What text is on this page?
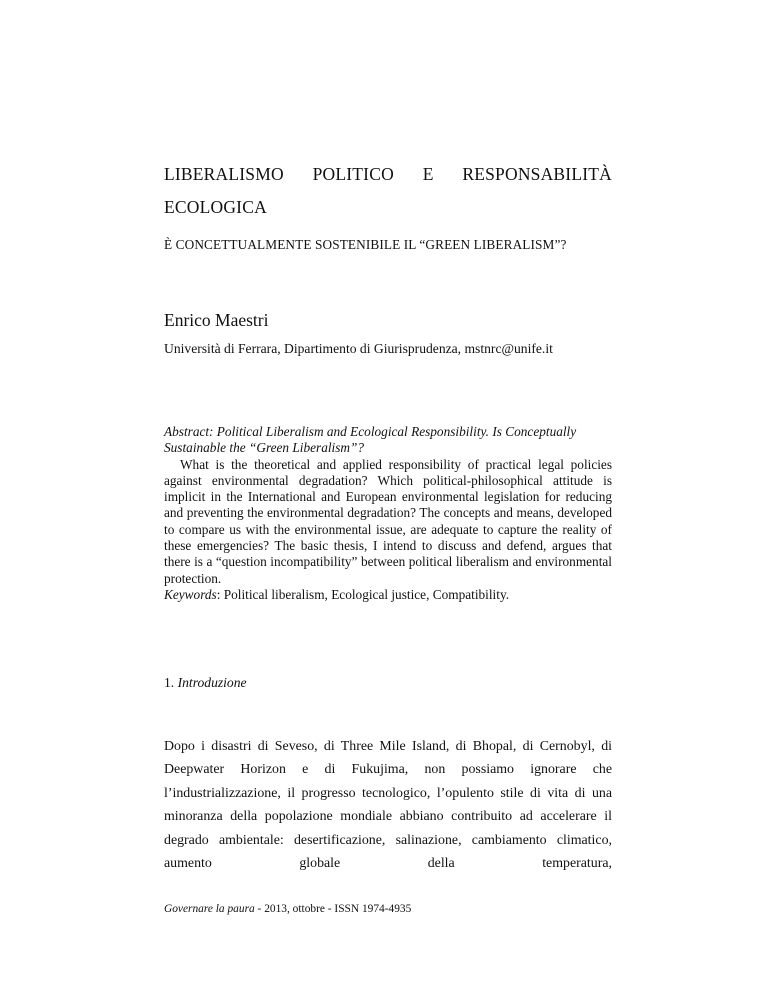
LIBERALISMO POLITICO E RESPONSABILITÀ
ECOLOGICA
È CONCETTUALMENTE SOSTENIBILE IL “GREEN LIBERALISM”?
Enrico Maestri
Università di Ferrara, Dipartimento di Giurisprudenza, mstnrc@unife.it
Abstract: Political Liberalism and Ecological Responsibility. Is Conceptually Sustainable the “Green Liberalism”?
What is the theoretical and applied responsibility of practical legal policies against environmental degradation? Which political-philosophical attitude is implicit in the International and European environmental legislation for reducing and preventing the environmental degradation? The concepts and means, developed to compare us with the environmental issue, are adequate to capture the reality of these emergencies? The basic thesis, I intend to discuss and defend, argues that there is a “question incompatibility” between political liberalism and environmental protection.
Keywords: Political liberalism, Ecological justice, Compatibility.
1. Introduzione
Dopo i disastri di Seveso, di Three Mile Island, di Bhopal, di Cernobyl, di Deepwater Horizon e di Fukujima, non possiamo ignorare che l’industrializzazione, il progresso tecnologico, l’opulento stile di vita di una minoranza della popolazione mondiale abbiano contribuito ad accelerare il degrado ambientale: desertificazione, salinazione, cambiamento climatico, aumento globale della temperatura,
Governare la paura - 2013, ottobre - ISSN 1974-4935
